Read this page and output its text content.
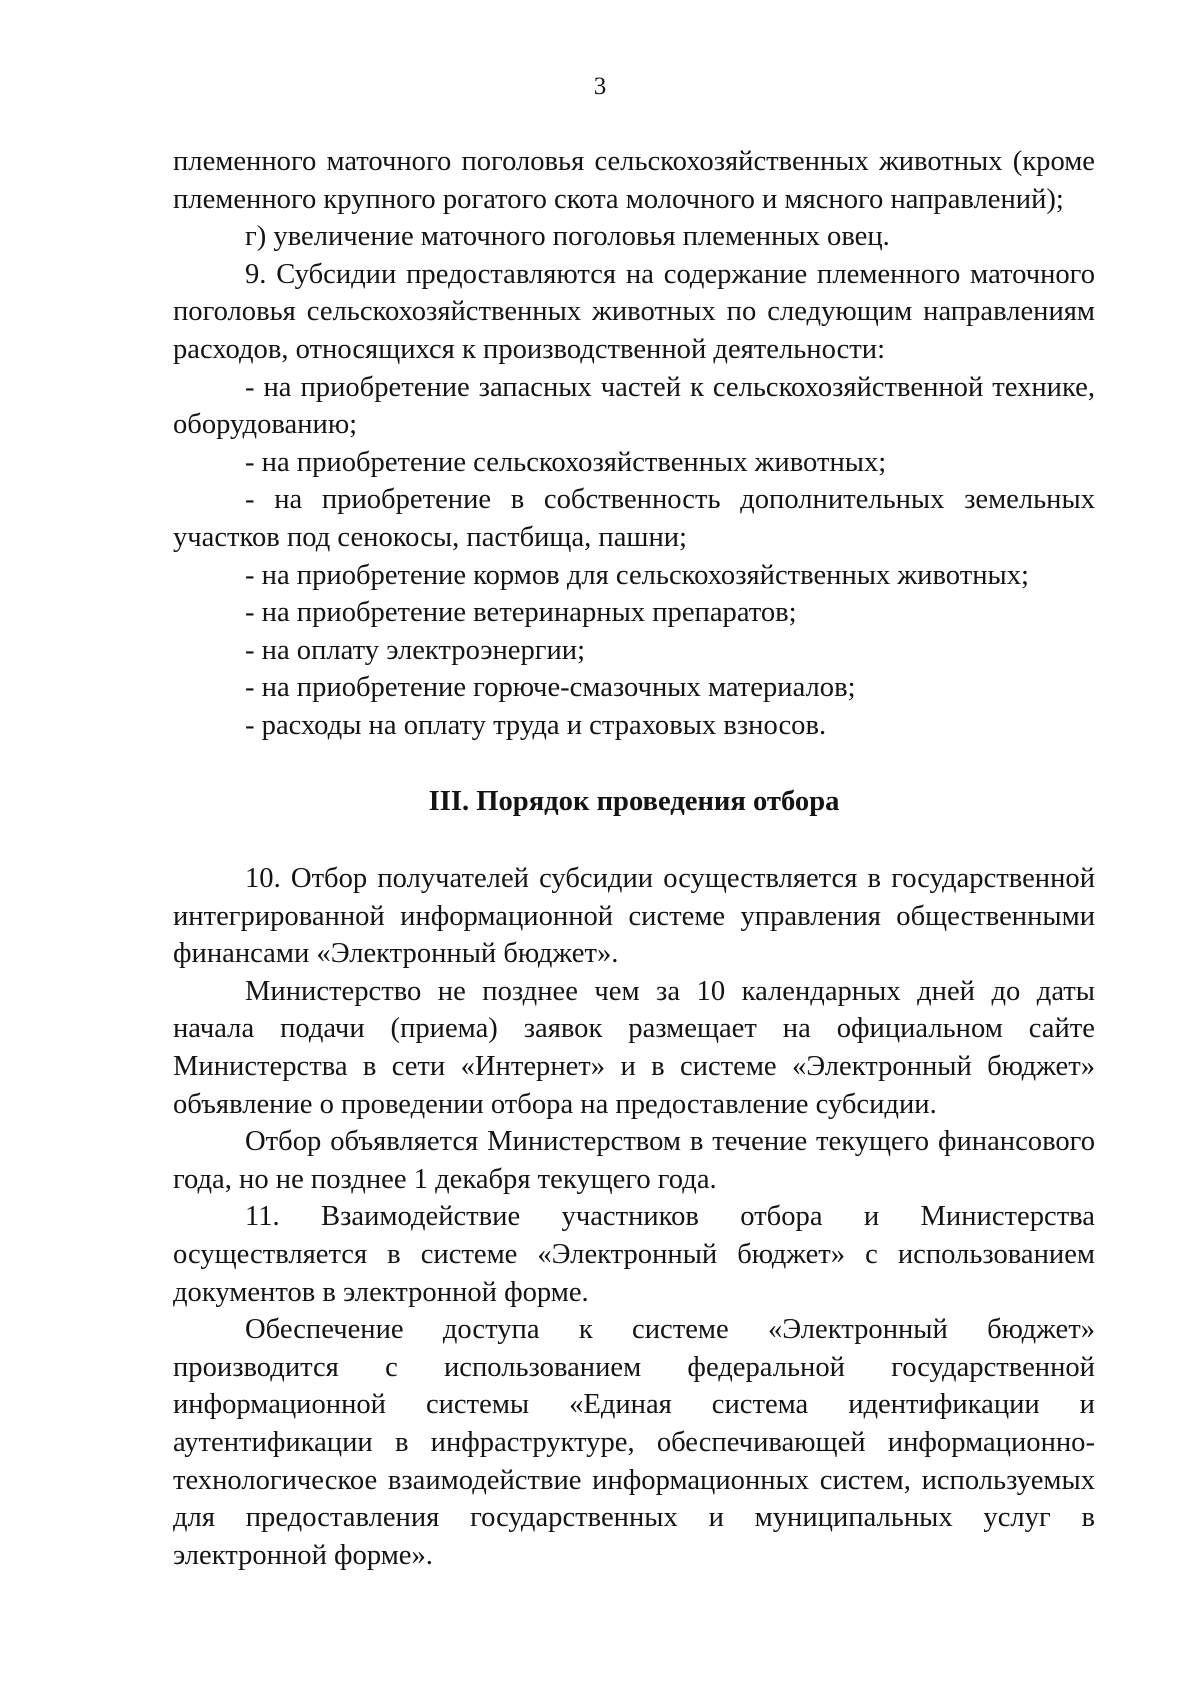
3

племенного маточного поголовья сельскохозяйственных животных (кроме племенного крупного рогатого скота молочного и мясного направлений);

г) увеличение маточного поголовья племенных овец.

9. Субсидии предоставляются на содержание племенного маточного поголовья сельскохозяйственных животных по следующим направлениям расходов, относящихся к производственной деятельности:

- на приобретение запасных частей к сельскохозяйственной технике, оборудованию;

- на приобретение сельскохозяйственных животных;

- на приобретение в собственность дополнительных земельных участков под сенокосы, пастбища, пашни;

- на приобретение кормов для сельскохозяйственных животных;

- на приобретение ветеринарных препаратов;

- на оплату электроэнергии;

- на приобретение горюче-смазочных материалов;

- расходы на оплату труда и страховых взносов.

III. Порядок проведения отбора

10. Отбор получателей субсидии осуществляется в государственной интегрированной информационной системе управления общественными финансами «Электронный бюджет».

Министерство не позднее чем за 10 календарных дней до даты начала подачи (приема) заявок размещает на официальном сайте Министерства в сети «Интернет» и в системе «Электронный бюджет» объявление о проведении отбора на предоставление субсидии.

Отбор объявляется Министерством в течение текущего финансового года, но не позднее 1 декабря текущего года.

11. Взаимодействие участников отбора и Министерства осуществляется в системе «Электронный бюджет» с использованием документов в электронной форме.

Обеспечение доступа к системе «Электронный бюджет» производится с использованием федеральной государственной информационной системы «Единая система идентификации и аутентификации в инфраструктуре, обеспечивающей информационно-технологическое взаимодействие информационных систем, используемых для предоставления государственных и муниципальных услуг в электронной форме».
